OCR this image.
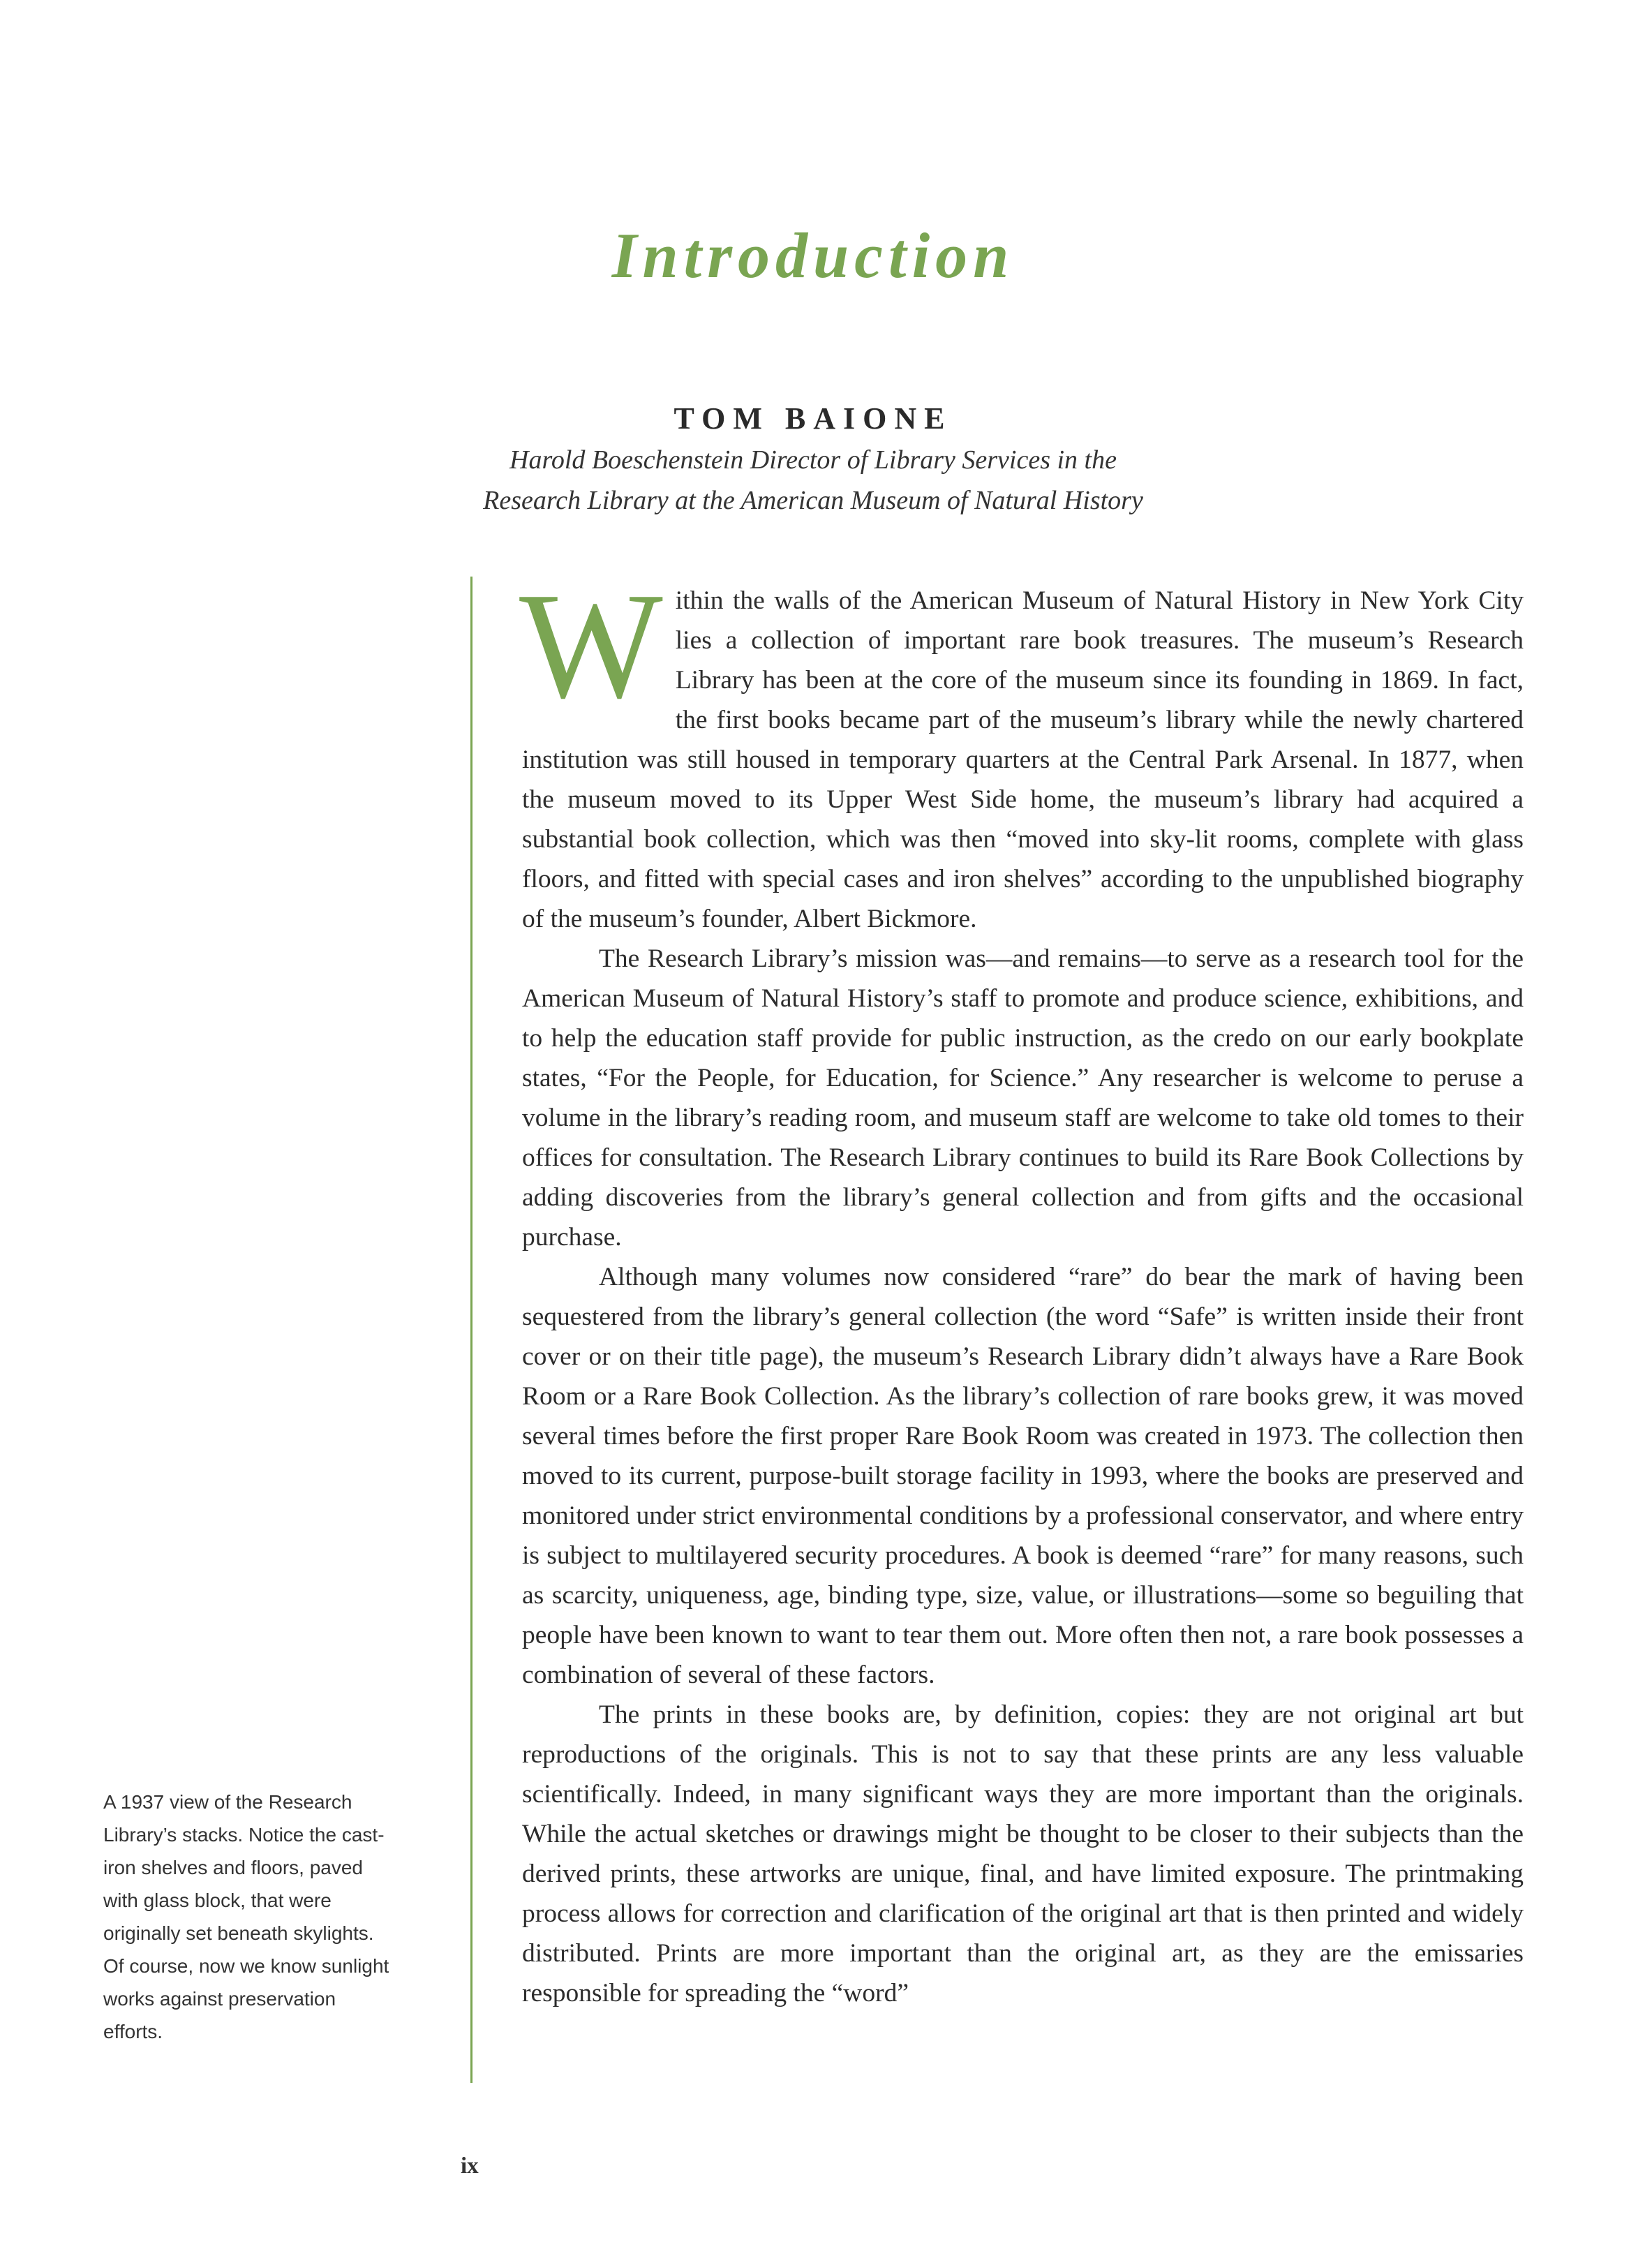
Introduction
TOM BAIONE
Harold Boeschenstein Director of Library Services in the
Research Library at the American Museum of Natural History

Within the walls of the American Museum of Natural History in New York City lies a collection of important rare book treasures. The museum’s Research Library has been at the core of the museum since its founding in 1869. In fact, the first books became part of the museum’s library while the newly chartered institution was still housed in temporary quarters at the Central Park Arsenal. In 1877, when the museum moved to its Upper West Side home, the museum’s library had acquired a substantial book collection, which was then “moved into sky-lit rooms, complete with glass floors, and fitted with special cases and iron shelves” according to the unpublished biography of the museum’s founder, Albert Bickmore.

The Research Library’s mission was—and remains—to serve as a research tool for the American Museum of Natural History’s staff to promote and produce science, exhibitions, and to help the education staff provide for public instruction, as the credo on our early bookplate states, “For the People, for Education, for Science.” Any researcher is welcome to peruse a volume in the library’s reading room, and museum staff are welcome to take old tomes to their offices for consultation. The Research Library continues to build its Rare Book Collections by adding discoveries from the library’s general collection and from gifts and the occasional purchase.

Although many volumes now considered “rare” do bear the mark of having been sequestered from the library’s general collection (the word “Safe” is written inside their front cover or on their title page), the museum’s Research Library didn’t always have a Rare Book Room or a Rare Book Collection. As the library’s collection of rare books grew, it was moved several times before the first proper Rare Book Room was created in 1973. The collection then moved to its current, purpose-built storage facility in 1993, where the books are preserved and monitored under strict environmental conditions by a professional conservator, and where entry is subject to multilayered security procedures. A book is deemed “rare” for many reasons, such as scarcity, uniqueness, age, binding type, size, value, or illustrations—some so beguiling that people have been known to want to tear them out. More often then not, a rare book possesses a combination of several of these factors.

The prints in these books are, by definition, copies: they are not original art but reproductions of the originals. This is not to say that these prints are any less valuable scientifically. Indeed, in many significant ways they are more important than the originals. While the actual sketches or drawings might be thought to be closer to their subjects than the derived prints, these artworks are unique, final, and have limited exposure. The printmaking process allows for correction and clarification of the original art that is then printed and widely distributed. Prints are more important than the original art, as they are the emissaries responsible for spreading the “word”

A 1937 view of the Research Library’s stacks. Notice the cast-iron shelves and floors, paved with glass block, that were originally set beneath skylights. Of course, now we know sunlight works against preservation efforts.
ix
